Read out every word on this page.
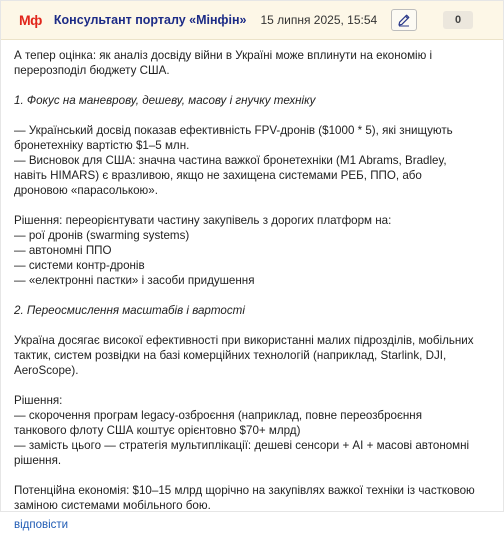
Мф Консультант порталу «Мінфін» 15 липня 2025, 15:54	0

А тепер оцінка: як аналіз досвіду війни в Україні може вплинути на економію і перерозподіл бюджету США.

1. Фокус на маневрову, дешеву, масову і гнучку техніку

— Український досвід показав ефективність FPV-дронів ($1000 * 5), які знищують бронетехніку вартістю $1–5 млн.

— Висновок для США: значна частина важкої бронетехніки (M1 Abrams, Bradley, навіть HIMARS) є вразливою, якщо не захищена системами РЕБ, ППО, або дроновою «парасолькою».

Рішення: переорієнтувати частину закупівель з дорогих платформ на:

— рої дронів (swarming systems)

— автономні ППО

— системи контр-дронів

— «електронні пастки» і засоби придушення

2. Переосмислення масштабів і вартості

Україна досягає високої ефективності при використанні малих підрозділів, мобільних тактик, систем розвідки на базі комерційних технологій (наприклад, Starlink, DJI, AeroScope).

Рішення:

— скорочення програм legacy-озброєння (наприклад, повне переозброєння танкового флоту США коштує орієнтовно $70+ млрд)

— замість цього — стратегія мультиплікації: дешеві сенсори + AI + масові автономні рішення.

Потенційна економія: $10–15 млрд щорічно на закупівлях важкої техніки із частковою заміною системами мобільного бою.

відповісти
